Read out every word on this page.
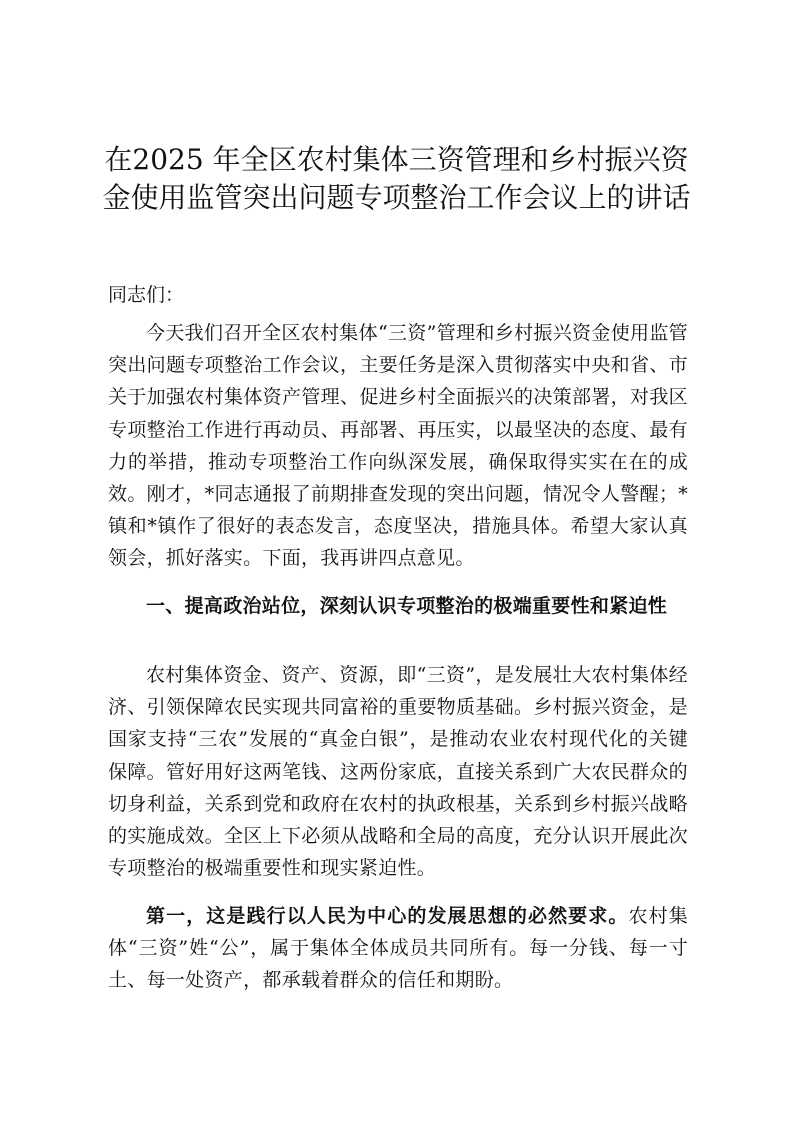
在2025 年全区农村集体三资管理和乡村振兴资金使用监管突出问题专项整治工作会议上的讲话
同志们：
今天我们召开全区农村集体“三资”管理和乡村振兴资金使用监管突出问题专项整治工作会议，主要任务是深入贯彻落实中央和省、市关于加强农村集体资产管理、促进乡村全面振兴的决策部署，对我区专项整治工作进行再动员、再部署、再压实，以最坚决的态度、最有力的举措，推动专项整治工作向纵深发展，确保取得实实在在的成效。刚才，*同志通报了前期排查发现的突出问题，情况令人警醒；*镇和*镇作了很好的表态发言，态度坚决，措施具体。希望大家认真领会，抓好落实。下面，我再讲四点意见。
一、提高政治站位，深刻认识专项整治的极端重要性和紧迫性
农村集体资金、资产、资源，即“三资”，是发展壮大农村集体经济、引领保障农民实现共同富裕的重要物质基础。乡村振兴资金，是国家支持“三农”发展的“真金白银”，是推动农业农村现代化的关键保障。管好用好这两笔钱、这两份家底，直接关系到广大农民群众的切身利益，关系到党和政府在农村的执政根基，关系到乡村振兴战略的实施成效。全区上下必须从战略和全局的高度，充分认识开展此次专项整治的极端重要性和现实紧迫性。
第一，这是践行以人民为中心的发展思想的必然要求。农村集体“三资”姓“公”，属于集体全体成员共同所有。每一分钱、每一寸土、每一处资产，都承载着群众的信任和期盼。
